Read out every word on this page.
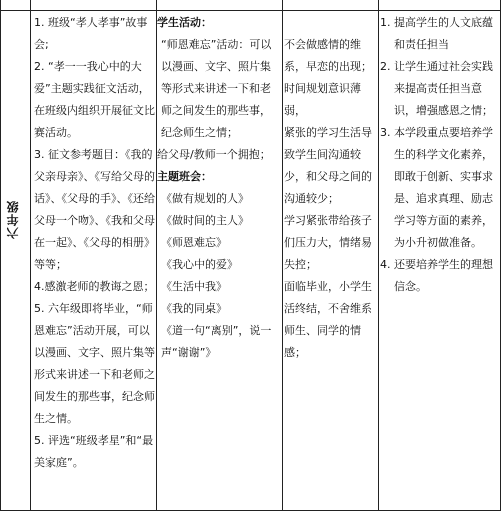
六年级

1. 班级“孝人孝事”故事会;

2. “孝一一我心中的大爱”主题实践征文活动，在班级内组织开展征文比赛活动。

3. 征文参考题目：《我的父亲母亲》、《写给父母的话》、《父母的手》、《还给父母一个吻》、《我和父母在一起》、《父母的相册》等等；

4.感激老师的教诲之恩；

5. 六年级即将毕业，“师恩难忘”活动开展，可以以漫画、文字、照片集等形式来讲述一下和老师之间发生的那些事，纪念师生之情。

5. 评选“班级孝星”和“最美家庭”。

学生活动：

“师恩难忘”活动：可以以漫画、文字、照片集等形式来讲述一下和老师之间发生的那些事，纪念师生之情；

给父母/教师一个拥抱；

主题班会：

《做有规划的人》

《做时间的主人》

《师恩难忘》

《我心中的爱》

《生活中我》

《我的同桌》

《道一句“离别”，说一声“谢谢”》

不会做感情的维系，早恋的出现；

时间规划意识薄弱，

紧张的学习生活导致学生间沟通较少，和父母之间的沟通较少；

学习紧张带给孩子们压力大，情绪易失控；

面临毕业，小学生活终结，不舍维系师生、同学的情感；

1. 提高学生的人文底蕴和责任担当

2. 让学生通过社会实践来提高责任担当意识，增强感恩之情；

3. 本学段重点要培养学生的科学文化素养，即敢于创新、实事求是、追求真理、励志学习等方面的素养，为小升初做准备。

4. 还要培养学生的理想信念。
